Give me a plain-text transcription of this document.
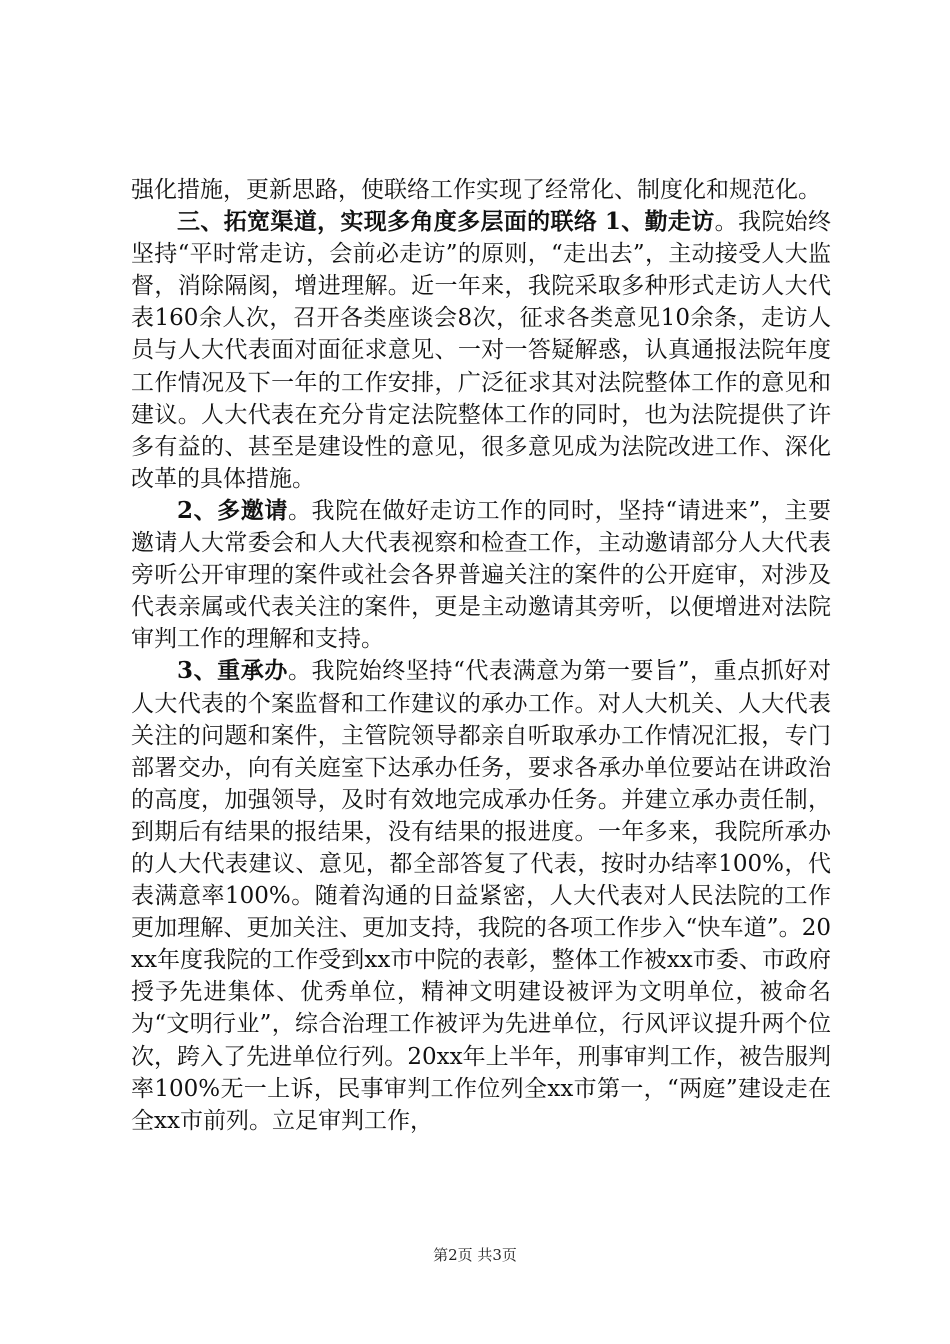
强化措施，更新思路，使联络工作实现了经常化、制度化和规范化。

三、拓宽渠道，实现多角度多层面的联络 1、勤走访。我院始终坚持“平时常走访，会前必走访”的原则，“走出去”，主动接受人大监督，消除隔阂，增进理解。近一年来，我院采取多种形式走访人大代表160余人次，召开各类座谈会8次，征求各类意见10余条，走访人员与人大代表面对面征求意见、一对一答疑解惑，认真通报法院年度工作情况及下一年的工作安排，广泛征求其对法院整体工作的意见和建议。人大代表在充分肯定法院整体工作的同时，也为法院提供了许多有益的、甚至是建设性的意见，很多意见成为法院改进工作、深化改革的具体措施。

2、多邀请。我院在做好走访工作的同时，坚持“请进来”，主要邀请人大常委会和人大代表视察和检查工作，主动邀请部分人大代表旁听公开审理的案件或社会各界普遍关注的案件的公开庭审，对涉及代表亲属或代表关注的案件，更是主动邀请其旁听，以便增进对法院审判工作的理解和支持。

3、重承办。我院始终坚持“代表满意为第一要旨”，重点抓好对人大代表的个案监督和工作建议的承办工作。对人大机关、人大代表关注的问题和案件，主管院领导都亲自听取承办工作情况汇报，专门部署交办，向有关庭室下达承办任务，要求各承办单位要站在讲政治的高度，加强领导，及时有效地完成承办任务。并建立承办责任制，到期后有结果的报结果，没有结果的报进度。一年多来，我院所承办的人大代表建议、意见，都全部答复了代表，按时办结率100%，代表满意率100%。随着沟通的日益紧密，人大代表对人民法院的工作更加理解、更加关注、更加支持，我院的各项工作步入“快车道”。20xx年度我院的工作受到xx市中院的表彰，整体工作被xx市委、市政府授予先进集体、优秀单位，精神文明建设被评为文明单位，被命名为“文明行业”，综合治理工作被评为先进单位，行风评议提升两个位次，跨入了先进单位行列。20xx年上半年，刑事审判工作，被告服判率100%无一上诉，民事审判工作位列全xx市第一，“两庭”建设走在全xx市前列。立足审判工作，

第2页 共3页
